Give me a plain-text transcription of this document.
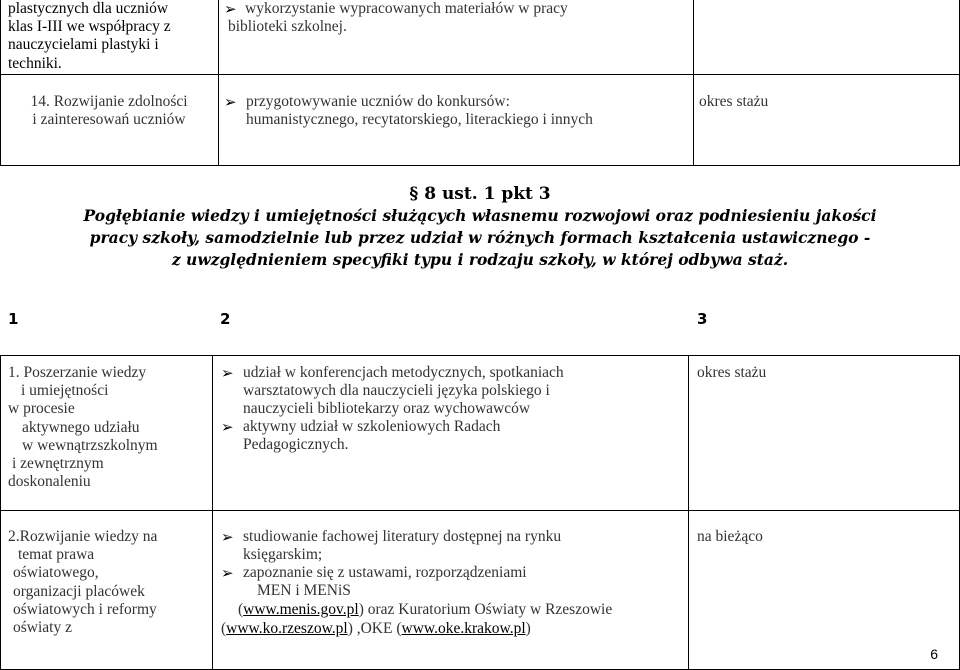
plastycznych dla uczniów
klas I-III we współpracy z
nauczycielami plastyki i
techniki.
➢ wykorzystanie wypracowanych materiałów w pracy
biblioteki szkolnej.
14. Rozwijanie zdolności
i zainteresowań uczniów
➢ przygotowywanie uczniów do konkursów:
humanistycznego, recytatorskiego, literackiego i innych
okres stażu
§ 8 ust. 1 pkt 3
Pogłębianie wiedzy i umiejętności służących własnemu rozwojowi oraz podniesieniu jakości
pracy szkoły, samodzielnie lub przez udział w różnych formach kształcenia ustawicznego -
z uwzględnieniem specyfiki typu i rodzaju szkoły, w której odbywa staż.
1	2	3
1. Poszerzanie wiedzy
i umiejętności
w procesie
aktywnego udziału
w wewnątrzszkolnym
i zewnętrznym
doskonaleniu
➢ udział w konferencjach metodycznych, spotkaniach
warsztatowych dla nauczycieli języka polskiego i
nauczycieli bibliotekarzy oraz wychowawców
➢ aktywny udział w szkoleniowych Radach
Pedagogicznych.
okres stażu
2.Rozwijanie wiedzy na
temat prawa
oświatowego,
organizacji placówek
oświatowych i reformy
oświaty z
➢ studiowanie fachowej literatury dostępnej na rynku
księgarskim;
➢ zapoznanie się z ustawami, rozporządzeniami
MEN i MENiS
(www.menis.gov.pl) oraz Kuratorium Oświaty w Rzeszowie
(www.ko.rzeszow.pl) ,OKE (www.oke.krakow.pl)
na bieżąco
6
